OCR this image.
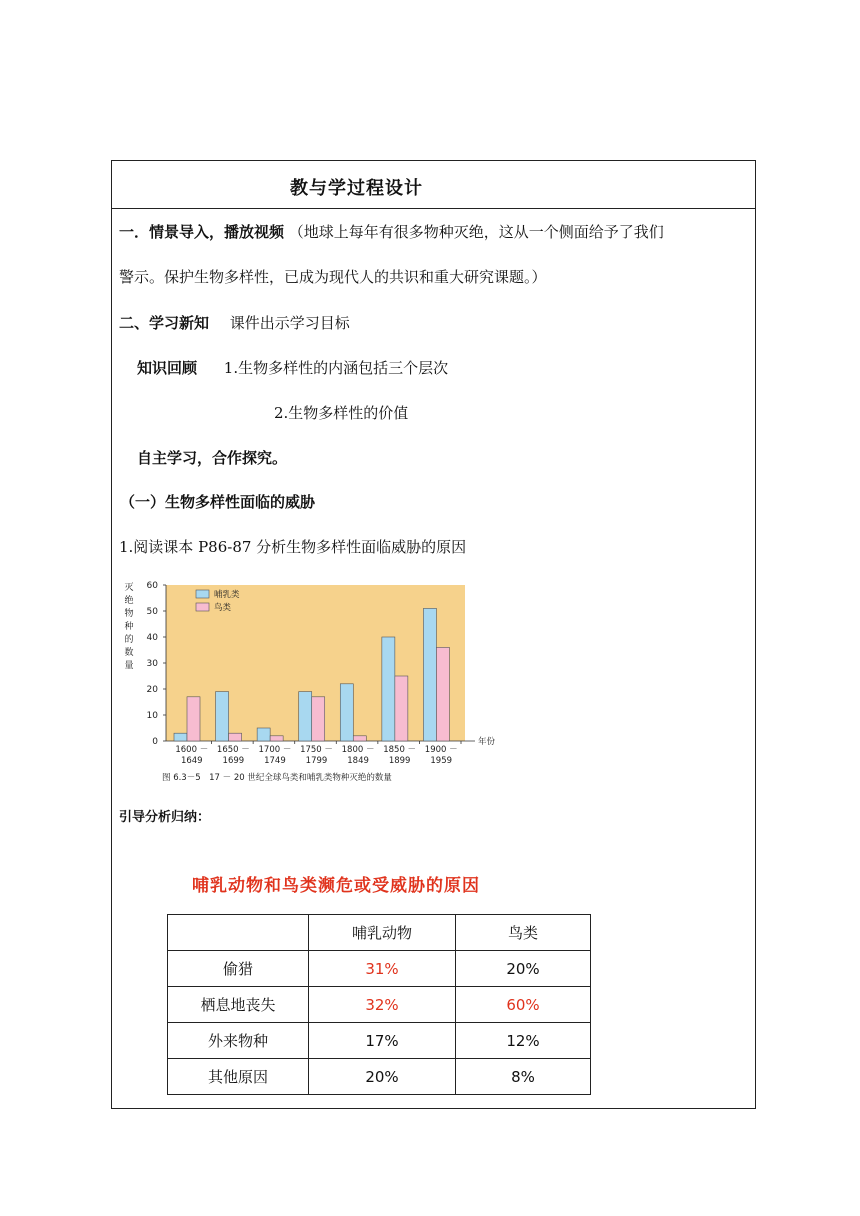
教与学过程设计
一．情景导入，播放视频 （地球上每年有很多物种灭绝，这从一个侧面给予了我们
警示。保护生物多样性，已成为现代人的共识和重大研究课题。）
二、学习新知 课件出示学习目标
知识回顾 1.生物多样性的内涵包括三个层次
2.生物多样性的价值
自主学习，合作探究。
（一）生物多样性面临的威胁
1.阅读课本 P86-87 分析生物多样性面临威胁的原因
灭
绝
物
种
的
数
量
0
10
20
30
40
50
60
1600 －
1649
1650 －
1699
1700 －
1749
1750 －
1799
1800 －
1849
1850 －
1899
1900 －
1959
年份
哺乳类
鸟类
图 6.3－5　17 － 20 世纪全球鸟类和哺乳类物种灭绝的数量
引导分析归纳：
哺乳动物和鸟类濒危或受威胁的原因
	哺乳动物	鸟类
偷猎	31%	20%
栖息地丧失	32%	60%
外来物种	17%	12%
其他原因	20%	8%
